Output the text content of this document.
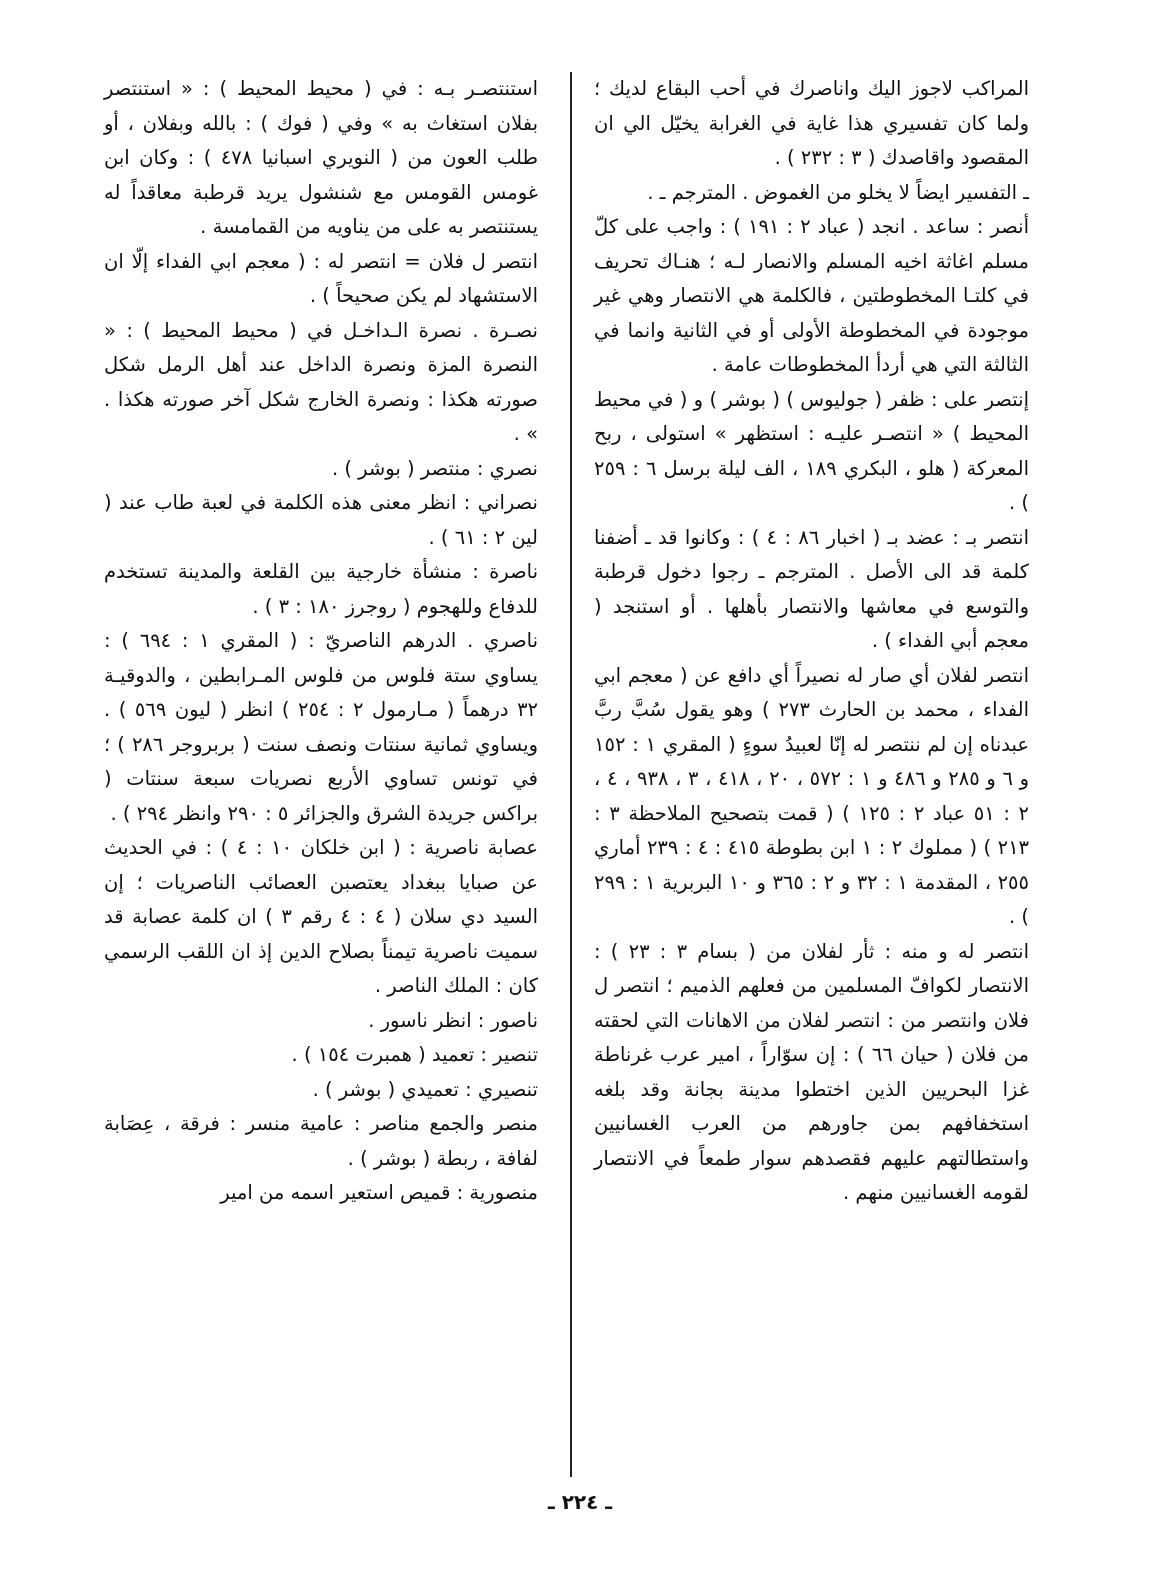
المراكب لاجوز اليك واناصرك في أحب البقاع لديك ؛ ولما كان تفسيري هذا غاية في الغرابة يخيّل الي ان المقصود واقاصدك ( ٣ : ٢٣٢ ) .

ـ التفسير ايضاً لا يخلو من الغموض . المترجم ـ .

أنصر : ساعد . انجد ( عباد ٢ : ١٩١ ) : واجب على كلّ مسلم اغاثة اخيه المسلم والانصار لـه ؛ هنـاك تحريف في كلتـا المخطوطتين ، فالكلمة هي الانتصار وهي غير موجودة في المخطوطة الأولى أو في الثانية وانما في الثالثة التي هي أردأ المخطوطات عامة .

إنتصر على : ظفر ( جوليوس ) ( بوشر ) و ( في محيط المحيط ) « انتصـر عليـه : استظهر » استولى ، ربح المعركة ( هلو ، البكري ١٨٩ ، الف ليلة برسل ٦ : ٢٥٩ ) .

انتصر بـ : عضد بـ ( اخبار ٨٦ : ٤ ) : وكانوا قد ـ أضفنا كلمة قد الى الأصل . المترجم ـ رجوا دخول قرطبة والتوسع في معاشها والانتصار بأهلها . أو استنجد ( معجم أبي الفداء ) .

انتصر لفلان أي صار له نصيراً أي دافع عن ( معجم ابي الفداء ، محمد بن الحارث ٢٧٣ ) وهو يقول سُبَّ ربَّ عبدناه إن لم ننتصر له إنّا لعبيدُ سوءٍ ( المقري ١ : ١٥٢ و ٦ و ٢٨٥ و ٤٨٦ و ١ : ٥٧٢ ، ٢٠ ، ٤١٨ ، ٣ ، ٩٣٨ ، ٤ ، ٢ : ٥١ عباد ٢ : ١٢٥ ) ( قمت بتصحيح الملاحظة ٣ : ٢١٣ ) ( مملوك ٢ : ١ ابن بطوطة ٤١٥ : ٤ : ٢٣٩ أماري ٢٥٥ ، المقدمة ١ : ٣٢ و ٢ : ٣٦٥ و ١٠ البربرية ١ : ٢٩٩ ) .

انتصر له و منه : ثأر لفلان من ( بسام ٣ : ٢٣ ) : الانتصار لكوافّ المسلمين من فعلهم الذميم ؛ انتصر ل فلان وانتصر من : انتصر لفلان من الاهانات التي لحقته من فلان ( حيان ٦٦ ) : إن سوّاراً ، امير عرب غرناطة غزا البحريين الذين اختطوا مدينة بجانة وقد بلغه استخفافهم بمن جاورهم من العرب الغسانيين واستطالتهم عليهم فقصدهم سوار طمعاً في الانتصار لقومه الغسانيين منهم .

استنتصـر بـه : في ( محيط المحيط ) : « استنتصر بفلان استغاث به » وفي ( فوك ) : بالله وبفلان ، أو طلب العون من ( النويري اسبانيا ٤٧٨ ) : وكان ابن غومس القومس مع شنشول يريد قرطبة معاقداً له يستنتصر به على من يناويه من القمامسة .

انتصر ل فلان = انتصر له : ( معجم ابي الفداء إلّا ان الاستشهاد لم يكن صحيحاً ) .

نصـرة . نصرة الـداخـل في ( محيط المحيط ) : « النصرة المزة ونصرة الداخل عند أهل الرمل شكل صورته هكذا : ونصرة الخارج شكل آخر صورته هكذا . » .

نصري : منتصر ( بوشر ) .

نصراني : انظر معنى هذه الكلمة في لعبة طاب عند ( لين ٢ : ٦١ ) .

ناصرة : منشأة خارجية بين القلعة والمدينة تستخدم للدفاع وللهجوم ( روجرز ١٨٠ : ٣ ) .

ناصري . الدرهم الناصريّ : ( المقري ١ : ٦٩٤ ) : يساوي ستة فلوس من فلوس المـرابطين ، والدوقيـة ٣٢ درهماً ( مـارمول ٢ : ٢٥٤ ) انظر ( ليون ٥٦٩ ) . ويساوي ثمانية سنتات ونصف سنت ( بربروجر ٢٨٦ ) ؛ في تونس تساوي الأربع نصريات سبعة سنتات ( براكس جريدة الشرق والجزائر ٥ : ٢٩٠ وانظر ٢٩٤ ) .

عصابة ناصرية : ( ابن خلكان ١٠ : ٤ ) : في الحديث عن صبايا ببغداد يعتصبن العصائب الناصريات ؛ إن السيد دي سلان ( ٤ : ٤ رقم ٣ ) ان كلمة عصابة قد سميت ناصرية تيمناً بصلاح الدين إذ ان اللقب الرسمي كان : الملك الناصر .

ناصور : انظر ناسور .

تنصير : تعميد ( همبرت ١٥٤ ) .

تنصيري : تعميدي ( بوشر ) .

منصر والجمع مناصر : عامية منسر : فرقة ، عِصَابة لفافة ، ربطة ( بوشر ) .

منصورية : قميص استعير اسمه من امير

ـ ٢٢٤ ـ
